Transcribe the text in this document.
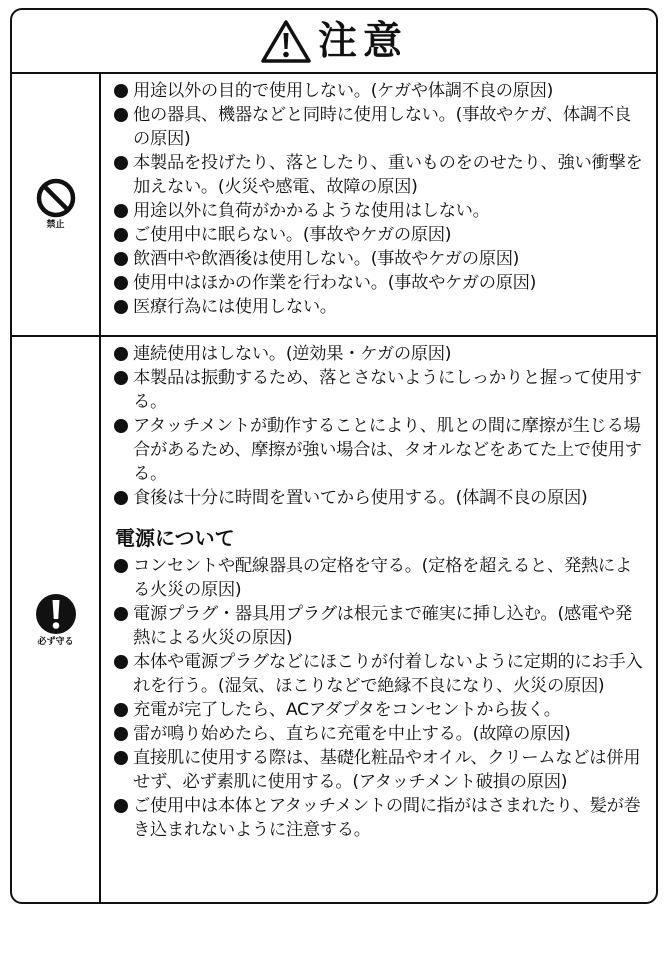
注意
禁止
用途以外の目的で使用しない。(ケガや体調不良の原因)
他の器具、機器などと同時に使用しない。(事故やケガ、体調不良の原因)
本製品を投げたり、落としたり、重いものをのせたり、強い衝撃を加えない。(火災や感電、故障の原因)
用途以外に負荷がかかるような使用はしない。
ご使用中に眠らない。(事故やケガの原因)
飲酒中や飲酒後は使用しない。(事故やケガの原因)
使用中はほかの作業を行わない。(事故やケガの原因)
医療行為には使用しない。
必ず守る
連続使用はしない。(逆効果・ケガの原因)
本製品は振動するため、落とさないようにしっかりと握って使用する。
アタッチメントが動作することにより、肌との間に摩擦が生じる場合があるため、摩擦が強い場合は、タオルなどをあてた上で使用する。
食後は十分に時間を置いてから使用する。(体調不良の原因)
電源について
コンセントや配線器具の定格を守る。(定格を超えると、発熱による火災の原因)
電源プラグ・器具用プラグは根元まで確実に挿し込む。(感電や発熱による火災の原因)
本体や電源プラグなどにほこりが付着しないように定期的にお手入れを行う。(湿気、ほこりなどで絶縁不良になり、火災の原因)
充電が完了したら、ACアダプタをコンセントから抜く。
雷が鳴り始めたら、直ちに充電を中止する。(故障の原因)
直接肌に使用する際は、基礎化粧品やオイル、クリームなどは併用せず、必ず素肌に使用する。(アタッチメント破損の原因)
ご使用中は本体とアタッチメントの間に指がはさまれたり、髪が巻き込まれないように注意する。
